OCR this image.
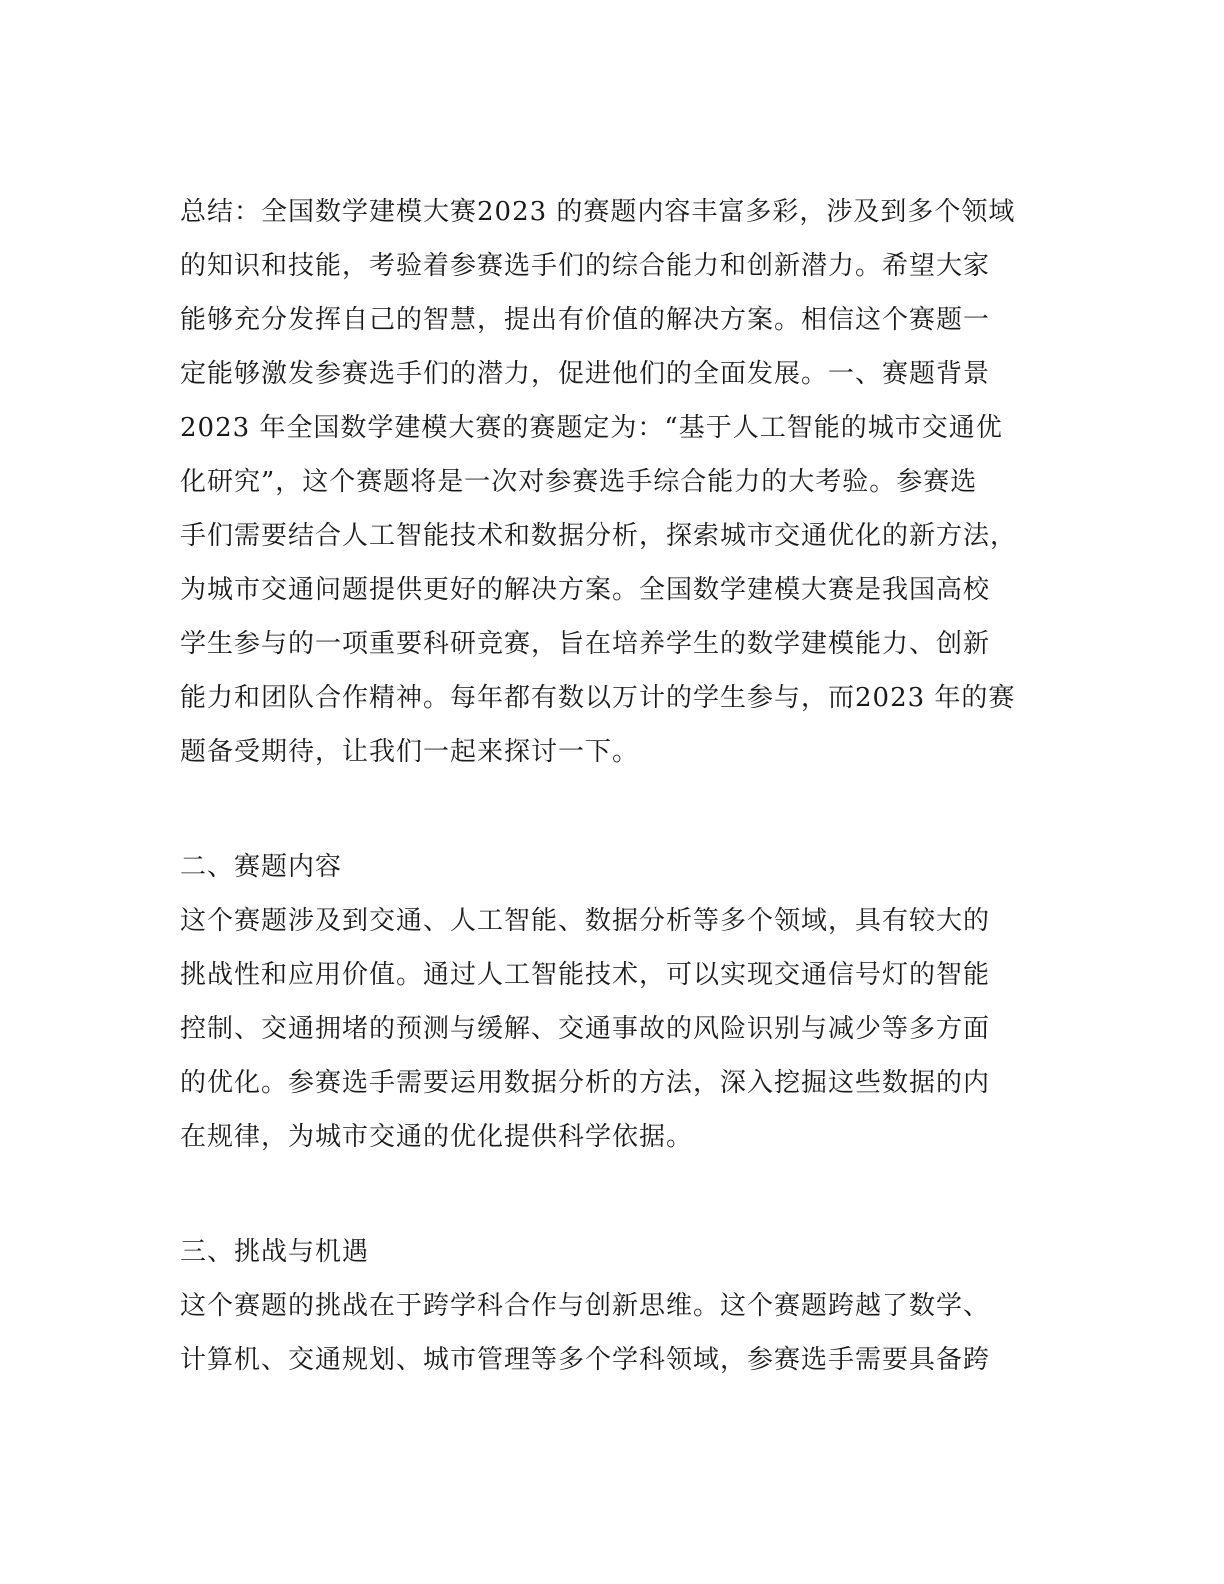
总结：全国数学建模大赛2023 的赛题内容丰富多彩，涉及到多个领域
的知识和技能，考验着参赛选手们的综合能力和创新潜力。希望大家
能够充分发挥自己的智慧，提出有价值的解决方案。相信这个赛题一
定能够激发参赛选手们的潜力，促进他们的全面发展。一、赛题背景
2023 年全国数学建模大赛的赛题定为：“基于人工智能的城市交通优
化研究”，这个赛题将是一次对参赛选手综合能力的大考验。参赛选
手们需要结合人工智能技术和数据分析，探索城市交通优化的新方法，
为城市交通问题提供更好的解决方案。全国数学建模大赛是我国高校
学生参与的一项重要科研竞赛，旨在培养学生的数学建模能力、创新
能力和团队合作精神。每年都有数以万计的学生参与，而2023 年的赛
题备受期待，让我们一起来探讨一下。
二、赛题内容
这个赛题涉及到交通、人工智能、数据分析等多个领域，具有较大的
挑战性和应用价值。通过人工智能技术，可以实现交通信号灯的智能
控制、交通拥堵的预测与缓解、交通事故的风险识别与减少等多方面
的优化。参赛选手需要运用数据分析的方法，深入挖掘这些数据的内
在规律，为城市交通的优化提供科学依据。
三、挑战与机遇
这个赛题的挑战在于跨学科合作与创新思维。这个赛题跨越了数学、
计算机、交通规划、城市管理等多个学科领域，参赛选手需要具备跨
